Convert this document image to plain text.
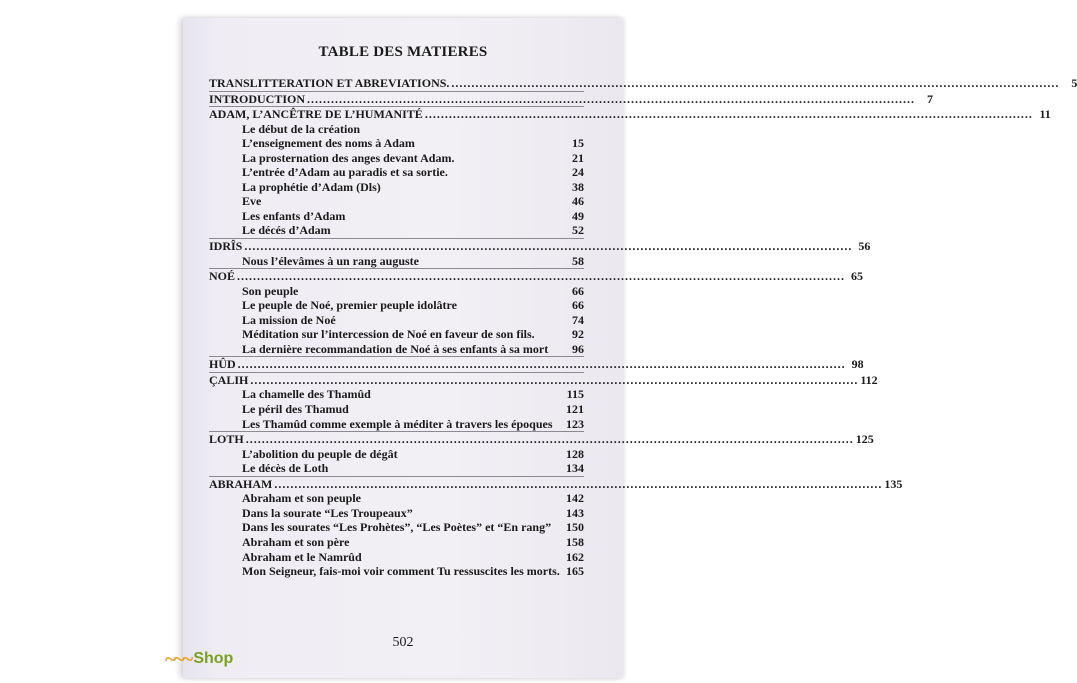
TABLE DES MATIERES
TRANSLITTERATION ET ABREVIATIONS. .....	5
INTRODUCTION .....	7
ADAM, L’ANCÊTRE DE L’HUMANITÉ .....	11
Le début de la création
L’enseignement des noms à Adam	15
La prosternation des anges devant Adam.	21
L’entrée d’Adam au paradis et sa sortie.	24
La prophétie d’Adam (Dls)	38
Eve	46
Les enfants d’Adam	49
Le décés d’Adam	52
IDRÎS .....	56
Nous l’élevâmes à un rang auguste	58
NOÉ .....	65
Son peuple	66
Le peuple de Noé, premier peuple idolâtre	66
La mission de Noé	74
Méditation sur l’intercession de Noé en faveur de son fils.	92
La dernière recommandation de Noé à ses enfants à sa mort	96
HÛD .....	98
ÇALIH .....	112
La chamelle des Thamûd	115
Le péril des Thamud	121
Les Thamûd comme exemple à méditer à travers les époques 123
LOTH .....	125
L’abolition du peuple de dégât	128
Le décès de Loth	134
ABRAHAM .....	135
Abraham et son peuple	142
Dans la sourate “Les Troupeaux”	143
Dans les sourates “Les Prohètes”, “Les Poètes” et “En rang” 150
Abraham et son père	158
Abraham et le Namrûd	162
Mon Seigneur, fais-moi voir comment Tu ressuscites les morts. 165
502
~~~ Shop
